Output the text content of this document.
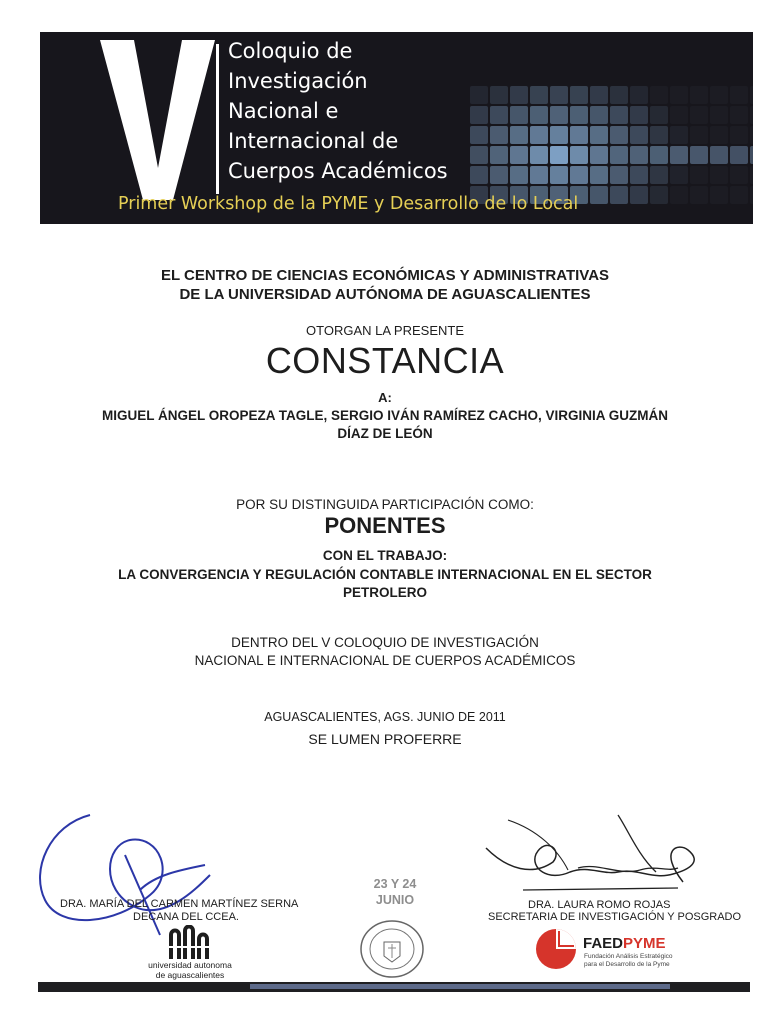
Coloquio de
Investigación
Nacional e
Internacional de
Cuerpos Académicos
Primer Workshop de la PYME y Desarrollo de lo Local
EL CENTRO DE CIENCIAS ECONÓMICAS Y ADMINISTRATIVAS
DE LA UNIVERSIDAD AUTÓNOMA DE AGUASCALIENTES
OTORGAN LA PRESENTE
CONSTANCIA
A:
MIGUEL ÁNGEL OROPEZA TAGLE, SERGIO IVÁN RAMÍREZ CACHO, VIRGINIA GUZMÁN
DÍAZ DE LEÓN
POR SU DISTINGUIDA PARTICIPACIÓN COMO:
PONENTES
CON EL TRABAJO:
LA CONVERGENCIA Y REGULACIÓN CONTABLE INTERNACIONAL EN EL SECTOR
PETROLERO
DENTRO DEL V COLOQUIO DE INVESTIGACIÓN
NACIONAL E INTERNACIONAL DE CUERPOS ACADÉMICOS
AGUASCALIENTES, AGS. JUNIO DE 2011
SE LUMEN PROFERRE
DRA. MARÍA DEL CARMEN MARTÍNEZ SERNA
DECANA DEL CCEA.
DRA. LAURA ROMO ROJAS
SECRETARIA DE INVESTIGACIÓN Y POSGRADO
23 Y 24
JUNIO
universidad autonoma
de aguascalientes
FAEDPYME
Fundación Análisis Estratégico
para el Desarrollo de la Pyme
